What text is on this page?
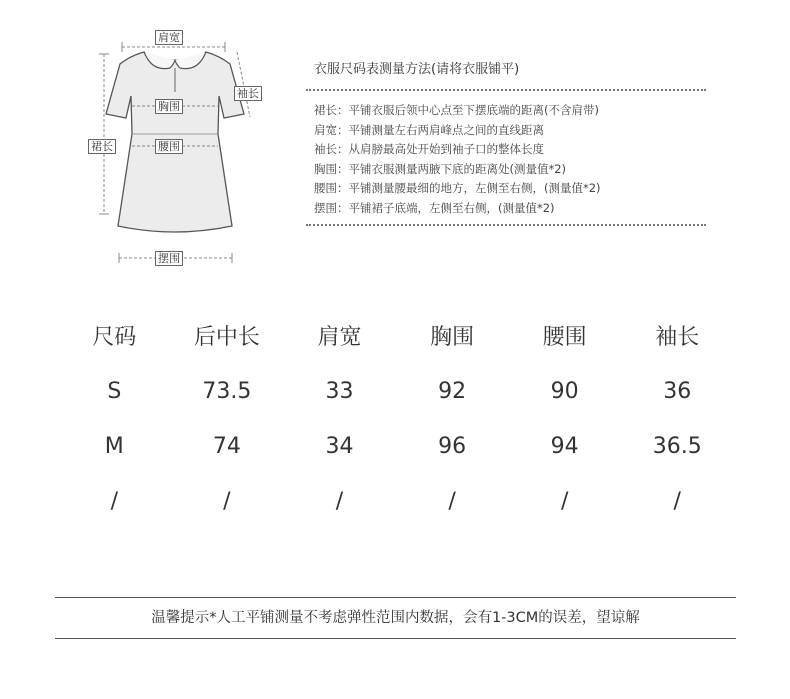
肩宽
袖长
胸围
腰围
裙长
摆围
衣服尺码表测量方法(请将衣服铺平)
裙长：平铺衣服后领中心点至下摆底端的距离(不含肩带)
肩宽：平铺测量左右两肩峰点之间的直线距离
袖长：从肩膀最高处开始到袖子口的整体长度
胸围：平铺衣服测量两腋下底的距离处(测量值*2)
腰围：平铺测量腰最细的地方，左侧至右侧，(测量值*2)
摆围：平铺裙子底端，左侧至右侧，(测量值*2)
尺码	后中长	肩宽	胸围	腰围	袖长
S	73.5	33	92	90	36
M	74	34	96	94	36.5
/	/	/	/	/	/
温馨提示*人工平铺测量不考虑弹性范围内数据，会有1-3CM的误差，望谅解
